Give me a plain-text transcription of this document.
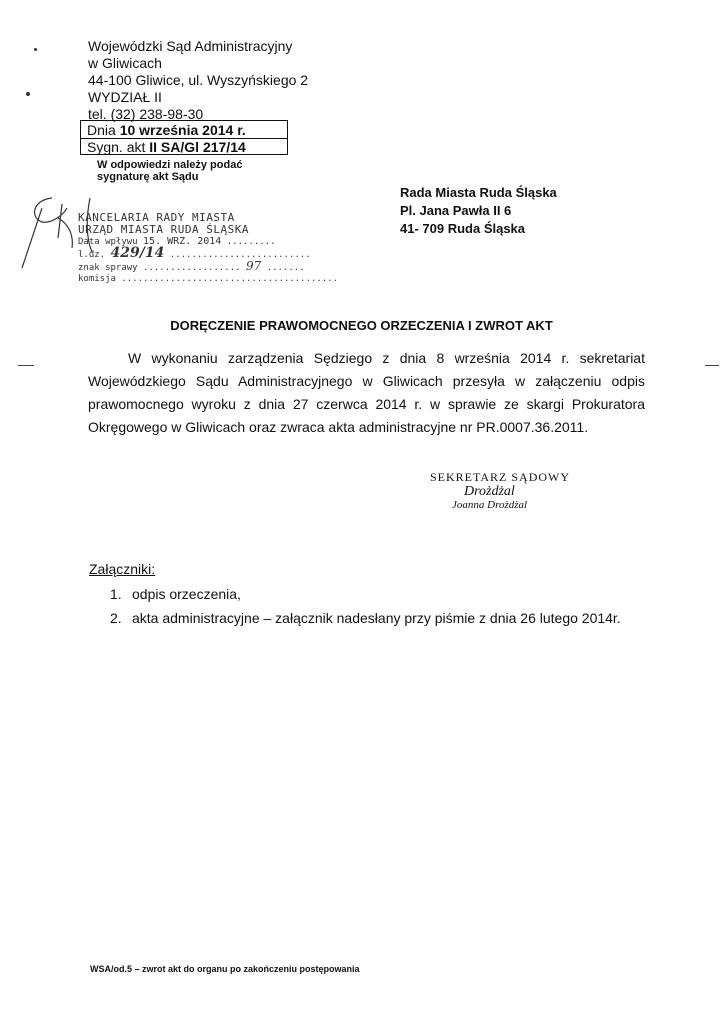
Wojewódzki Sąd Administracyjny
w Gliwicach
44-100 Gliwice, ul. Wyszyńskiego 2
WYDZIAŁ II
tel. (32) 238-98-30
Dnia 10 września 2014 r.
Sygn. akt II SA/Gl 217/14
W odpowiedzi należy podać
sygnaturę akt Sądu
KANCELARIA RADY MIASTA
URZĄD MIASTA RUDA ŚLĄSKA
Data wpływu 15. WRZ. 2014 .........
l.dz. 429/14 ..........................
znak sprawy .................. 97 .......
komisja ........................................
Rada Miasta Ruda Śląska
Pl. Jana Pawła II 6
41- 709 Ruda Śląska
DORĘCZENIE PRAWOMOCNEGO ORZECZENIA I ZWROT AKT
W wykonaniu zarządzenia Sędziego z dnia 8 września 2014 r. sekretariat Wojewódzkiego Sądu Administracyjnego w Gliwicach przesyła w załączeniu odpis prawomocnego wyroku z dnia 27 czerwca 2014 r. w sprawie ze skargi Prokuratora Okręgowego w Gliwicach oraz zwraca akta administracyjne nr PR.0007.36.2011.
SEKRETARZ SĄDOWY
Drożdżal
Joanna Drożdżal
Załączniki:
1. odpis orzeczenia,
2. akta administracyjne – załącznik nadesłany przy piśmie z dnia 26 lutego 2014r.
WSA/od.5 – zwrot akt do organu po zakończeniu postępowania
